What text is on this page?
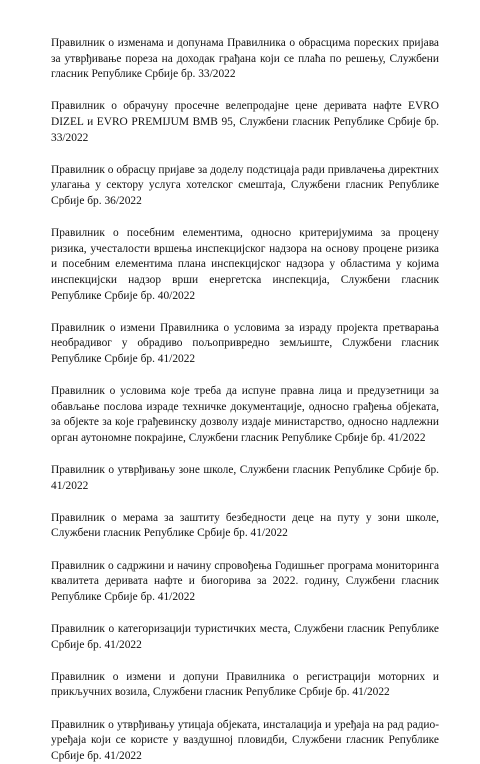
Правилник о изменама и допунама Правилника о обрасцима пореских пријава за утврђивање пореза на доходак грађана који се плаћа по решењу, Службени гласник Републике Србије бр. 33/2022

Правилник о обрачуну просечне велепродајне цене деривата нафте EVRO DIZEL и EVRO PREMIJUM BMB 95, Службени гласник Републике Србије бр. 33/2022

Правилник о обрасцу пријаве за доделу подстицаја ради привлачења директних улагања у сектору услуга хотелског смештаја, Службени гласник Републике Србије бр. 36/2022

Правилник о посебним елементима, односно критеријумима за процену ризика, учесталости вршења инспекцијског надзора на основу процене ризика и посебним елементима плана инспекцијског надзора у областима у којима инспекцијски надзор врши енергетска инспекција, Службени гласник Републике Србије бр. 40/2022

Правилник о измени Правилника о условима за израду пројекта претварања необрадивог у обрадиво пољопривредно земљиште, Службени гласник Републике Србије бр. 41/2022

Правилник о условима које треба да испуне правна лица и предузетници за обављање послова израде техничке документације, односно грађења објеката, за објекте за које грађевинску дозволу издаје министарство, односно надлежни орган аутономне покрајине, Службени гласник Републике Србије бр. 41/2022

Правилник о утврђивању зоне школе, Службени гласник Републике Србије бр. 41/2022

Правилник о мерама за заштиту безбедности деце на путу у зони школе, Службени гласник Републике Србије бр. 41/2022

Правилник о садржини и начину спровођења Годишњег програма мониторинга квалитета деривата нафте и биогорива за 2022. годину, Службени гласник Републике Србије бр. 41/2022

Правилник о категоризацији туристичких места, Службени гласник Републике Србије бр. 41/2022

Правилник о измени и допуни Правилника о регистрацији моторних и прикључних возила, Службени гласник Републике Србије бр. 41/2022

Правилник о утврђивању утицаја објеката, инсталација и уређаја на рад радио-уређаја који се користе у ваздушној пловидби, Службени гласник Републике Србије бр. 41/2022
